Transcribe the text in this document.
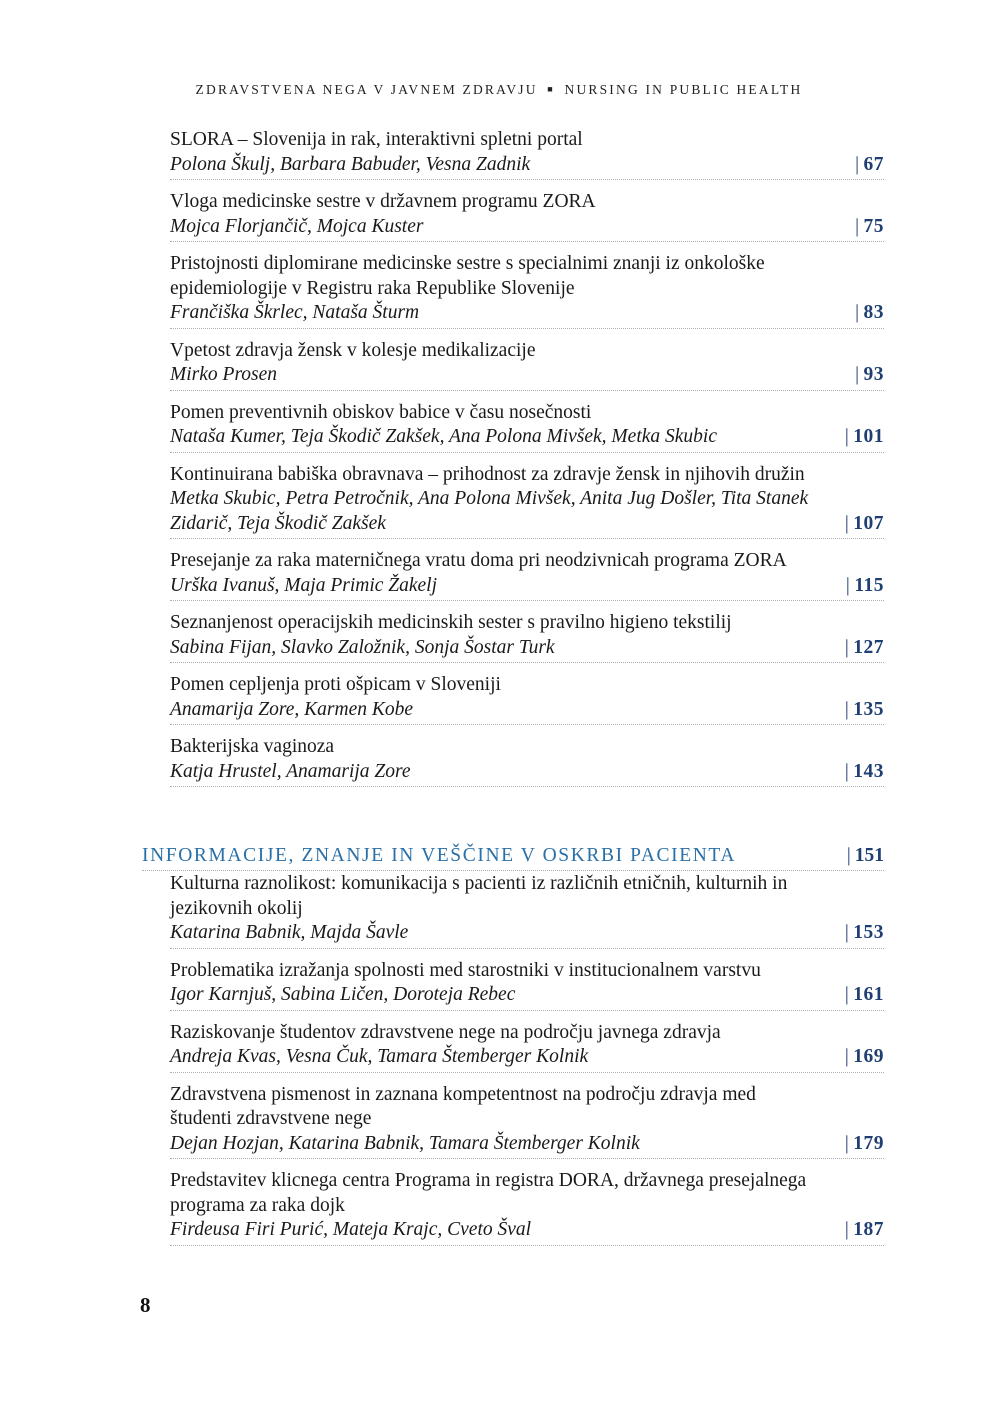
ZDRAVSTVENA NEGA V JAVNEM ZDRAVJU ■ NURSING IN PUBLIC HEALTH
SLORA – Slovenija in rak, interaktivni spletni portal
Polona Škulj, Barbara Babuder, Vesna Zadnik	| 67
Vloga medicinske sestre v državnem programu ZORA
Mojca Florjančič, Mojca Kuster	| 75
Pristojnosti diplomirane medicinske sestre s specialnimi znanji iz onkološke epidemiologije v Registru raka Republike Slovenije
Frančiška Škrlec, Nataša Šturm	| 83
Vpetost zdravja žensk v kolesje medikalizacije
Mirko Prosen	| 93
Pomen preventivnih obiskov babice v času nosečnosti
Nataša Kumer, Teja Škodič Zakšek, Ana Polona Mivšek, Metka Skubic	| 101
Kontinuirana babiška obravnava – prihodnost za zdravje žensk in njihovih družin
Metka Skubic, Petra Petročnik, Ana Polona Mivšek, Anita Jug Došler, Tita Stanek Zidarič, Teja Škodič Zakšek	| 107
Presejanje za raka materničnega vratu doma pri neodzivnicah programa ZORA
Urška Ivanuš, Maja Primic Žakelj	| 115
Seznanjenost operacijskih medicinskih sester s pravilno higieno tekstilij
Sabina Fijan, Slavko Založnik, Sonja Šostar Turk	| 127
Pomen cepljenja proti ošpicam v Sloveniji
Anamarija Zore, Karmen Kobe	| 135
Bakterijska vaginoza
Katja Hrustel, Anamarija Zore	| 143
INFORMACIJE, ZNANJE IN VEŠČINE V OSKRBI PACIENTA	| 151
Kulturna raznolikost: komunikacija s pacienti iz različnih etničnih, kulturnih in jezikovnih okolij
Katarina Babnik, Majda Šavle	| 153
Problematika izražanja spolnosti med starostniki v institucionalnem varstvu
Igor Karnjuš, Sabina Ličen, Doroteja Rebec	| 161
Raziskovanje študentov zdravstvene nege na področju javnega zdravja
Andreja Kvas, Vesna Čuk, Tamara Štemberger Kolnik	| 169
Zdravstvena pismenost in zaznana kompetentnost na področju zdravja med študenti zdravstvene nege
Dejan Hozjan, Katarina Babnik, Tamara Štemberger Kolnik	| 179
Predstavitev klicnega centra Programa in registra DORA, državnega presejalnega programa za raka dojk
Firdeusa Firi Purić, Mateja Krajc, Cveto Šval	| 187
8
